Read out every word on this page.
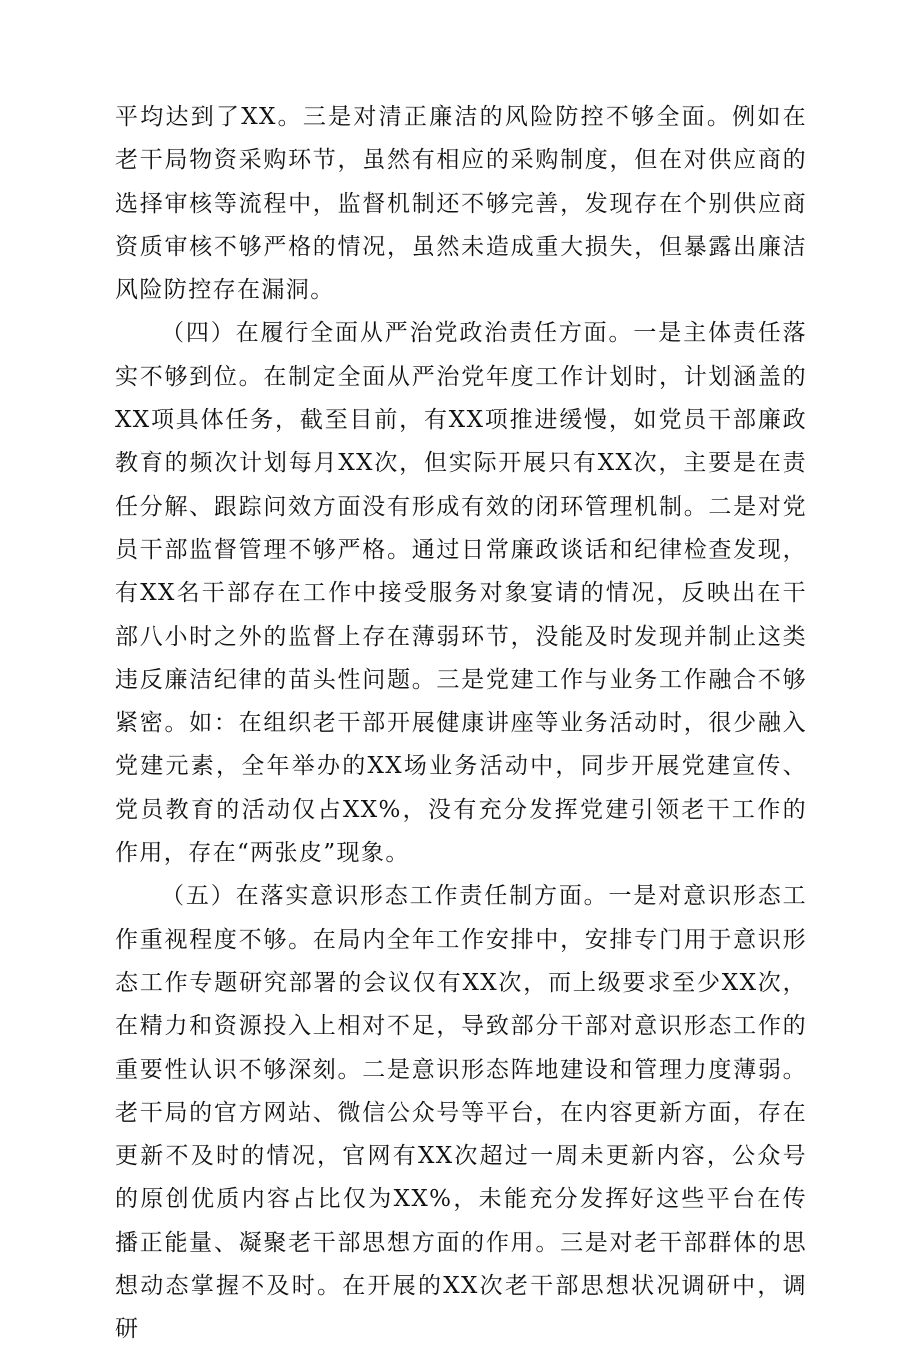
平均达到了XX。三是对清正廉洁的风险防控不够全面。例如在老干局物资采购环节，虽然有相应的采购制度，但在对供应商的选择审核等流程中，监督机制还不够完善，发现存在个别供应商资质审核不够严格的情况，虽然未造成重大损失，但暴露出廉洁风险防控存在漏洞。

（四）在履行全面从严治党政治责任方面。一是主体责任落实不够到位。在制定全面从严治党年度工作计划时，计划涵盖的XX项具体任务，截至目前，有XX项推进缓慢，如党员干部廉政教育的频次计划每月XX次，但实际开展只有XX次，主要是在责任分解、跟踪问效方面没有形成有效的闭环管理机制。二是对党员干部监督管理不够严格。通过日常廉政谈话和纪律检查发现，有XX名干部存在工作中接受服务对象宴请的情况，反映出在干部八小时之外的监督上存在薄弱环节，没能及时发现并制止这类违反廉洁纪律的苗头性问题。三是党建工作与业务工作融合不够紧密。如：在组织老干部开展健康讲座等业务活动时，很少融入党建元素，全年举办的XX场业务活动中，同步开展党建宣传、党员教育的活动仅占XX%，没有充分发挥党建引领老干工作的作用，存在“两张皮”现象。

（五）在落实意识形态工作责任制方面。一是对意识形态工作重视程度不够。在局内全年工作安排中，安排专门用于意识形态工作专题研究部署的会议仅有XX次，而上级要求至少XX次，在精力和资源投入上相对不足，导致部分干部对意识形态工作的重要性认识不够深刻。二是意识形态阵地建设和管理力度薄弱。老干局的官方网站、微信公众号等平台，在内容更新方面，存在更新不及时的情况，官网有XX次超过一周未更新内容，公众号的原创优质内容占比仅为XX%，未能充分发挥好这些平台在传播正能量、凝聚老干部思想方面的作用。三是对老干部群体的思想动态掌握不及时。在开展的XX次老干部思想状况调研中，调研
